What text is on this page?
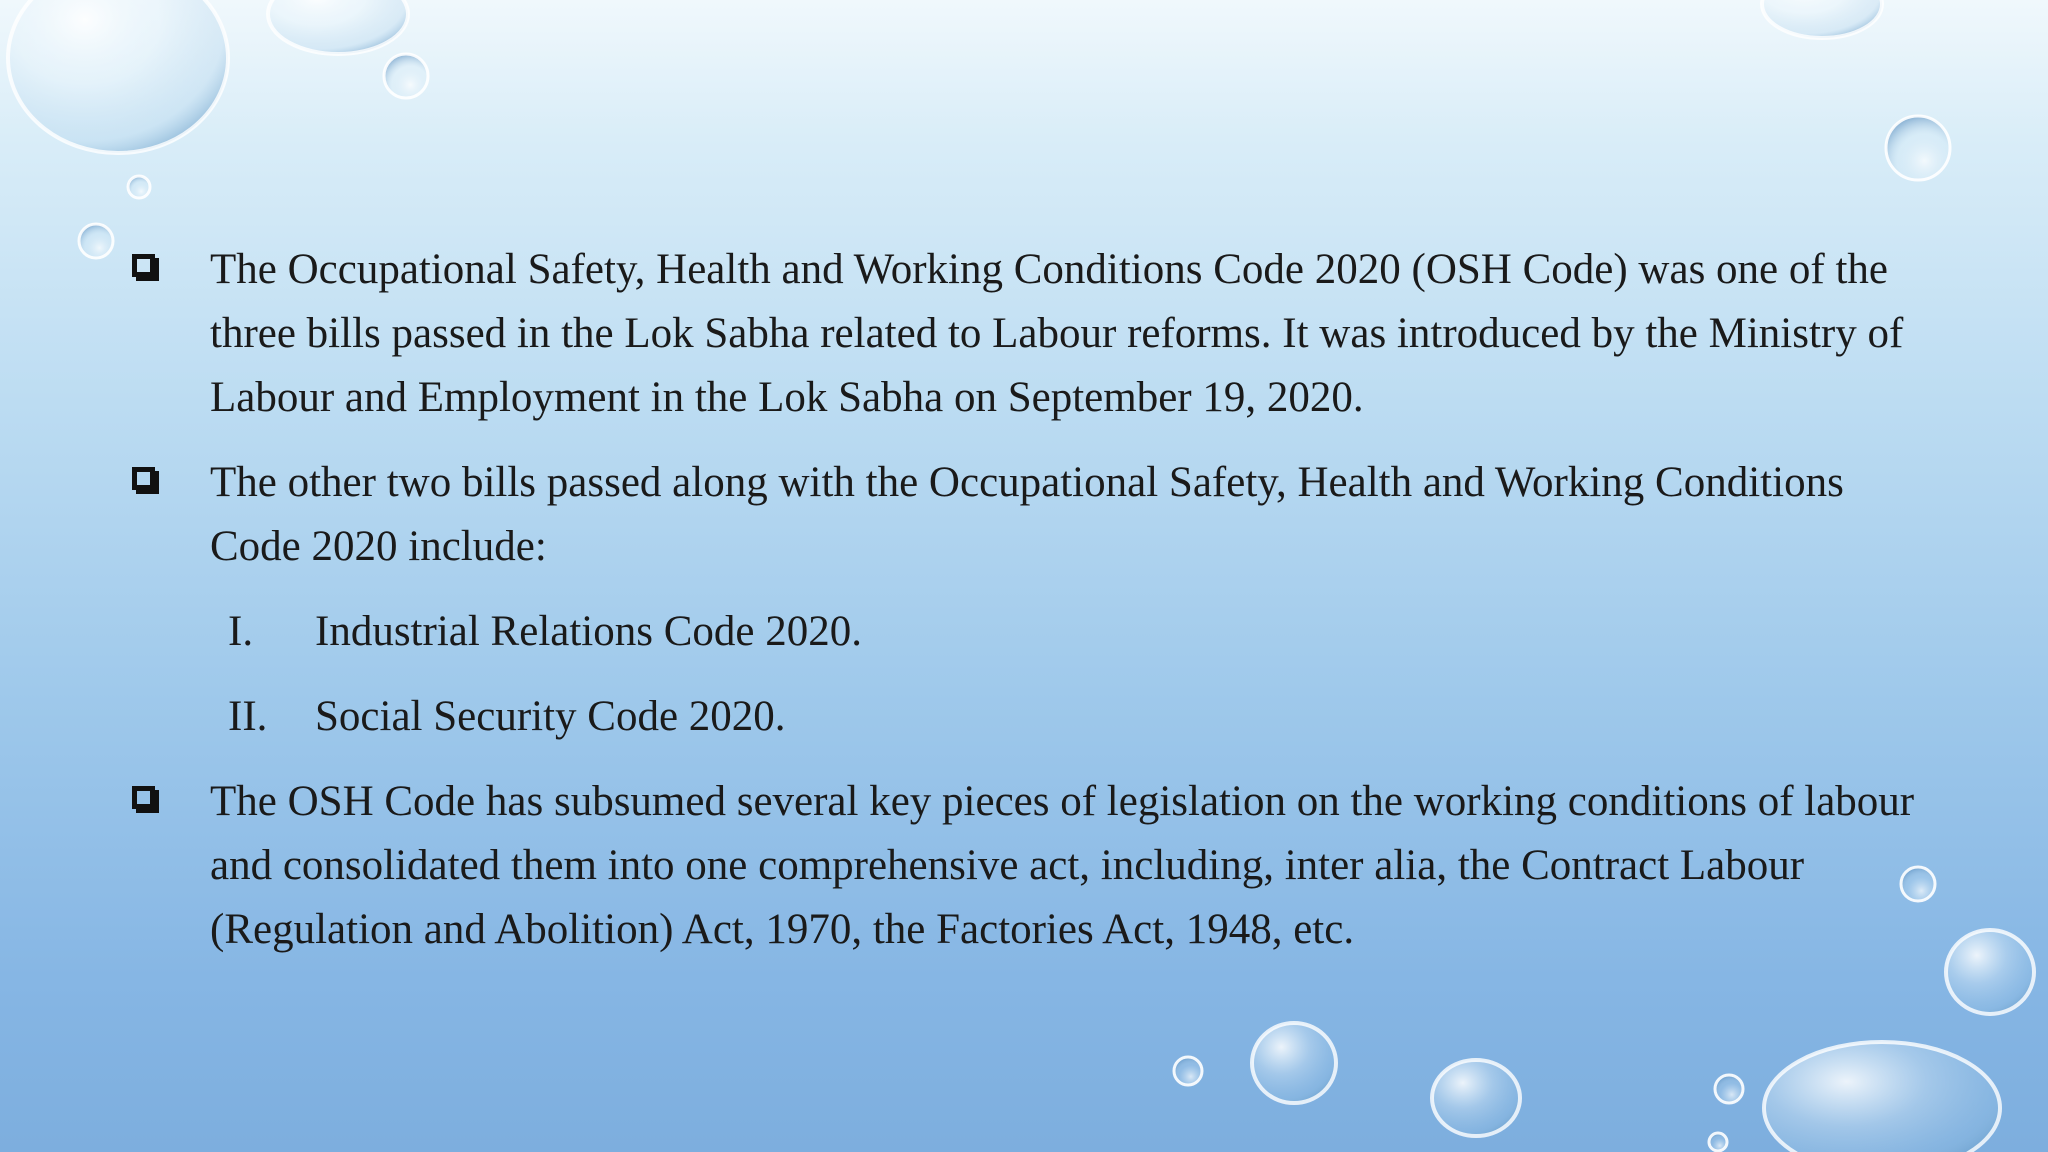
The Occupational Safety, Health and Working Conditions Code 2020 (OSH Code) was one of the three bills passed in the Lok Sabha related to Labour reforms. It was introduced by the Ministry of Labour and Employment in the Lok Sabha on September 19, 2020.
The other two bills passed along with the Occupational Safety, Health and Working Conditions Code 2020 include:
I. Industrial Relations Code 2020.
II. Social Security Code 2020.
The OSH Code has subsumed several key pieces of legislation on the working conditions of labour and consolidated them into one comprehensive act, including, inter alia, the Contract Labour (Regulation and Abolition) Act, 1970, the Factories Act, 1948, etc.
